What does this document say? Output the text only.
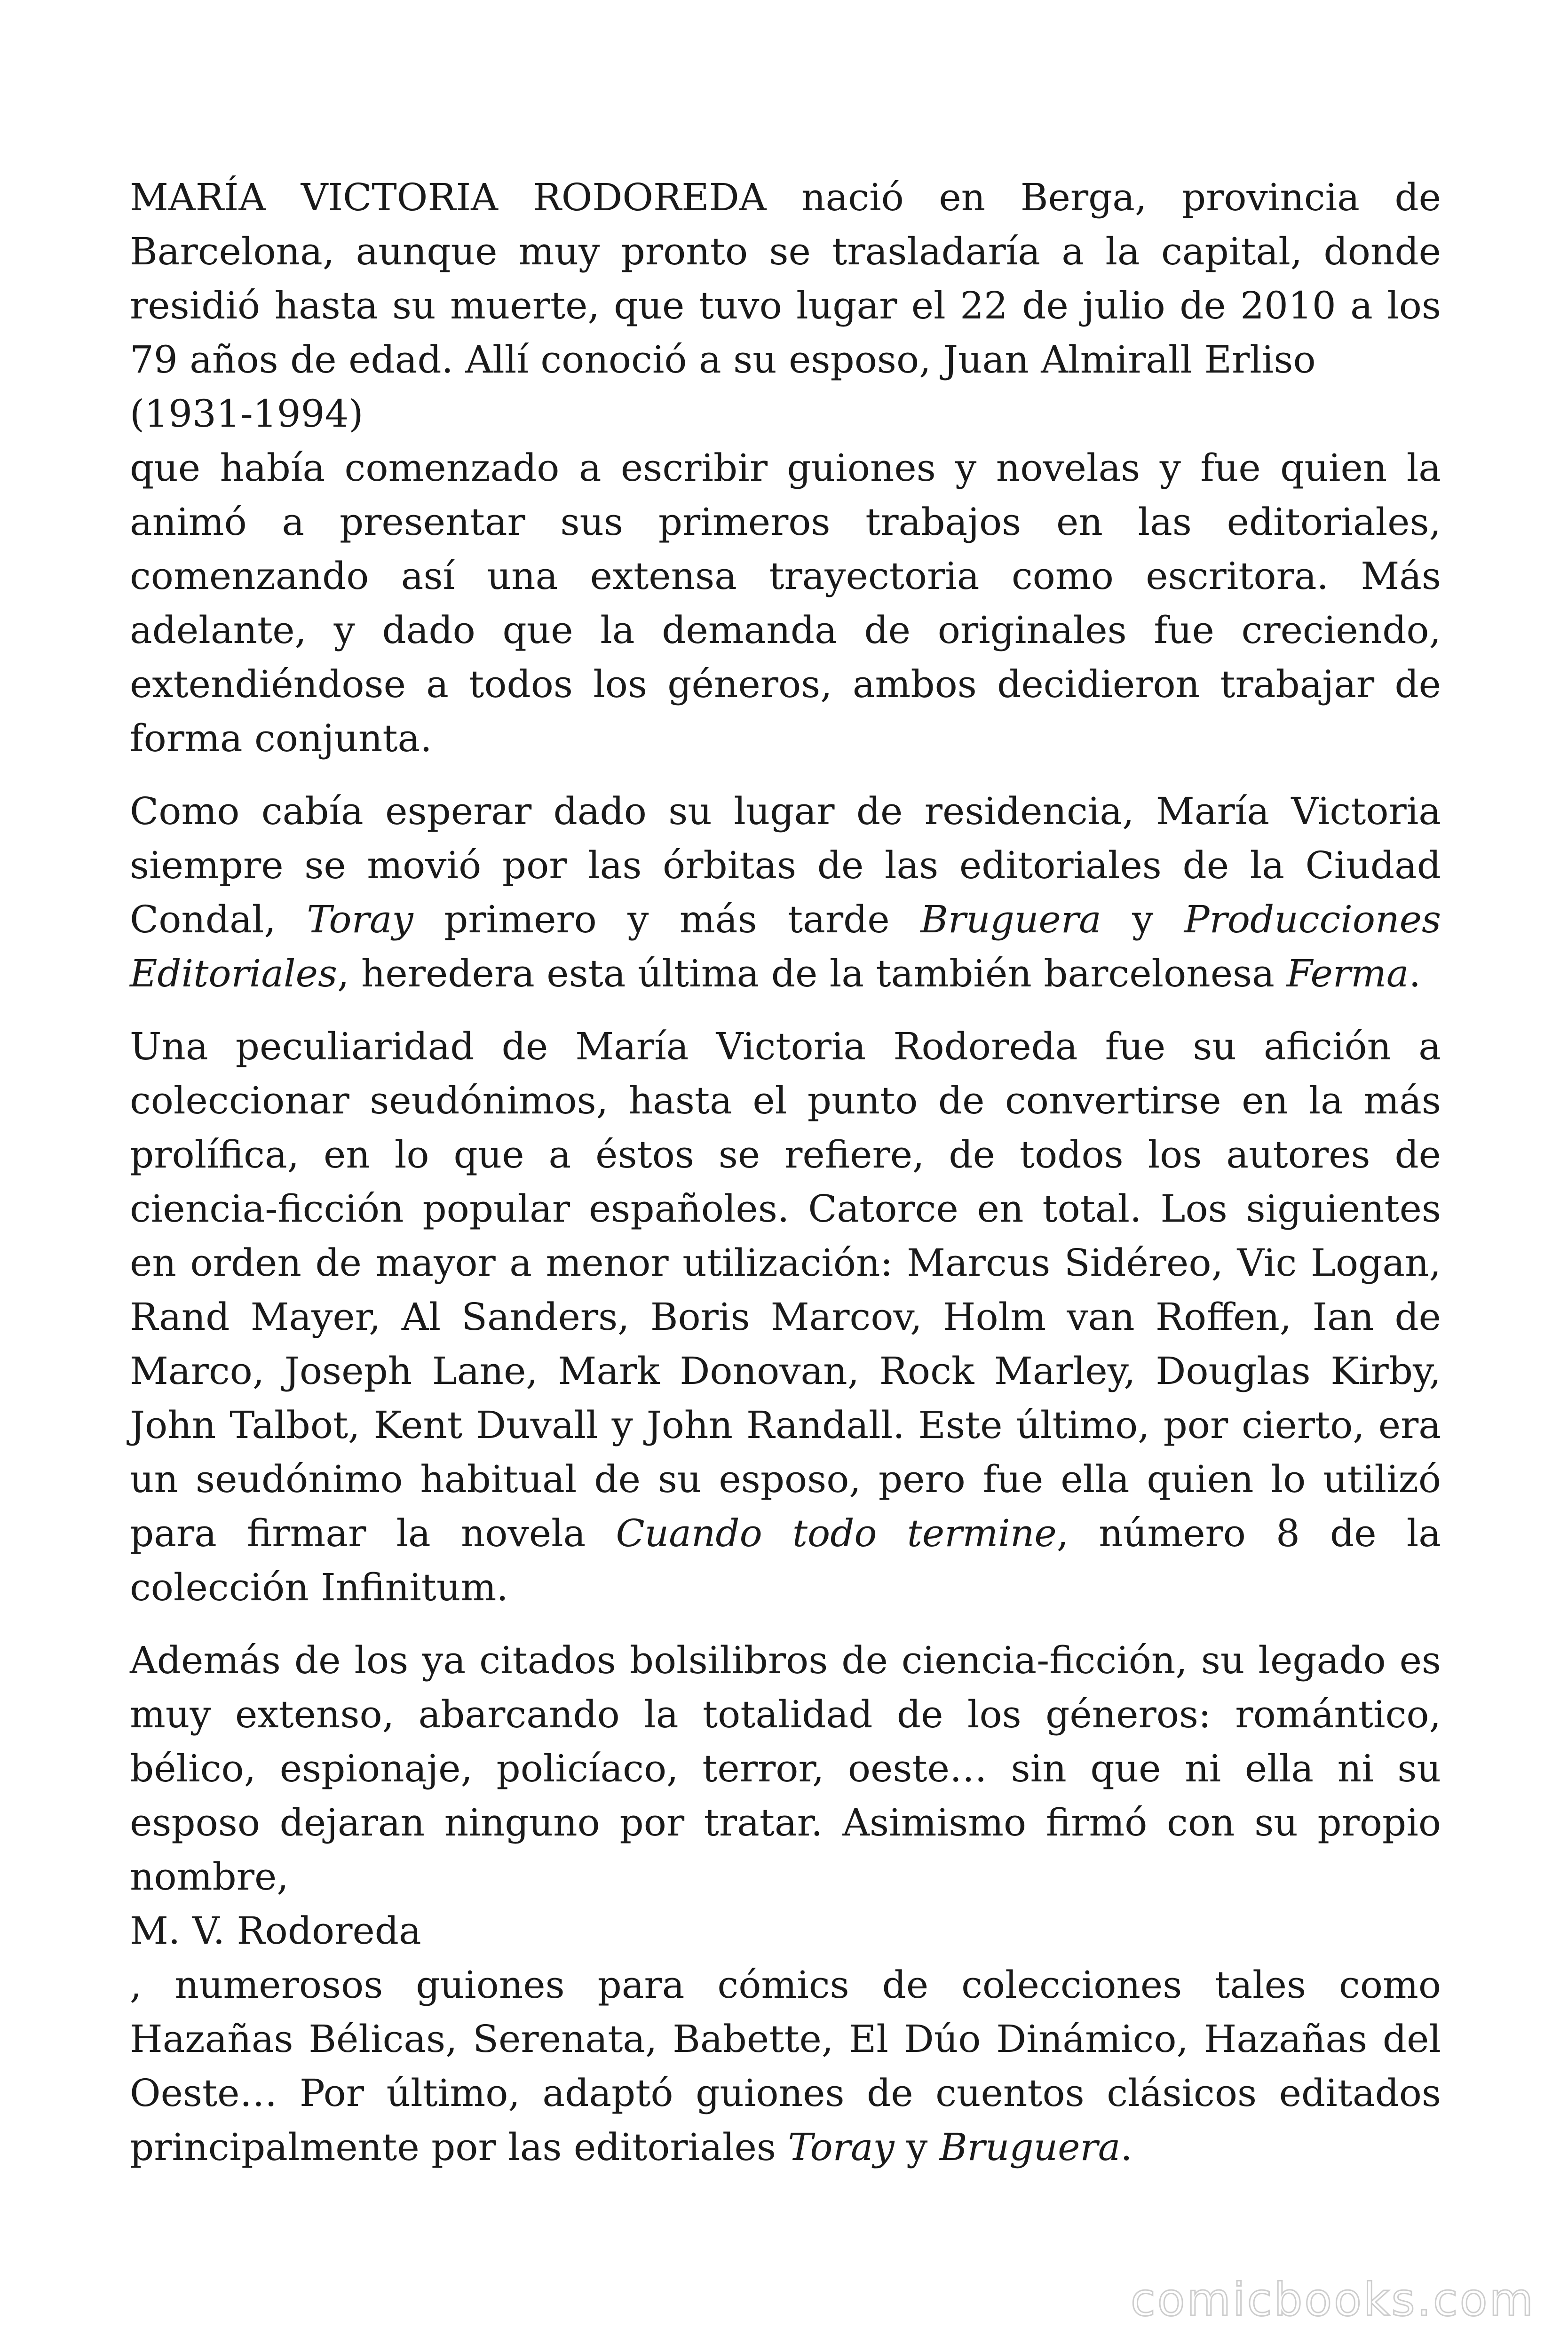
MARÍA VICTORIA RODOREDA nació en Berga, provincia de Barcelona, aunque muy pronto se trasladaría a la capital, donde residió hasta su muerte, que tuvo lugar el 22 de julio de 2010 a los 79 años de edad. Allí conoció a su esposo, Juan Almirall Erliso
(1931-1994)
que había comenzado a escribir guiones y novelas y fue quien la animó a presentar sus primeros trabajos en las editoriales, comenzando así una extensa trayectoria como escritora. Más adelante, y dado que la demanda de originales fue creciendo, extendiéndose a todos los géneros, ambos decidieron trabajar de forma conjunta.

Como cabía esperar dado su lugar de residencia, María Victoria siempre se movió por las órbitas de las editoriales de la Ciudad Condal, Toray primero y más tarde Bruguera y Producciones Editoriales, heredera esta última de la también barcelonesa Ferma.

Una peculiaridad de María Victoria Rodoreda fue su afición a coleccionar seudónimos, hasta el punto de convertirse en la más prolífica, en lo que a éstos se refiere, de todos los autores de ciencia-ficción popular españoles. Catorce en total. Los siguientes en orden de mayor a menor utilización: Marcus Sidéreo, Vic Logan, Rand Mayer, Al Sanders, Boris Marcov, Holm van Roffen, Ian de Marco, Joseph Lane, Mark Donovan, Rock Marley, Douglas Kirby, John Talbot, Kent Duvall y John Randall. Este último, por cierto, era un seudónimo habitual de su esposo, pero fue ella quien lo utilizó para firmar la novela Cuando todo termine, número 8 de la colección Infinitum.

Además de los ya citados bolsilibros de ciencia-ficción, su legado es muy extenso, abarcando la totalidad de los géneros: romántico, bélico, espionaje, policíaco, terror, oeste… sin que ni ella ni su esposo dejaran ninguno por tratar. Asimismo firmó con su propio nombre,
M. V. Rodoreda
, numerosos guiones para cómics de colecciones tales como Hazañas Bélicas, Serenata, Babette, El Dúo Dinámico, Hazañas del Oeste… Por último, adaptó guiones de cuentos clásicos editados principalmente por las editoriales Toray y Bruguera.

comicbooks.com
